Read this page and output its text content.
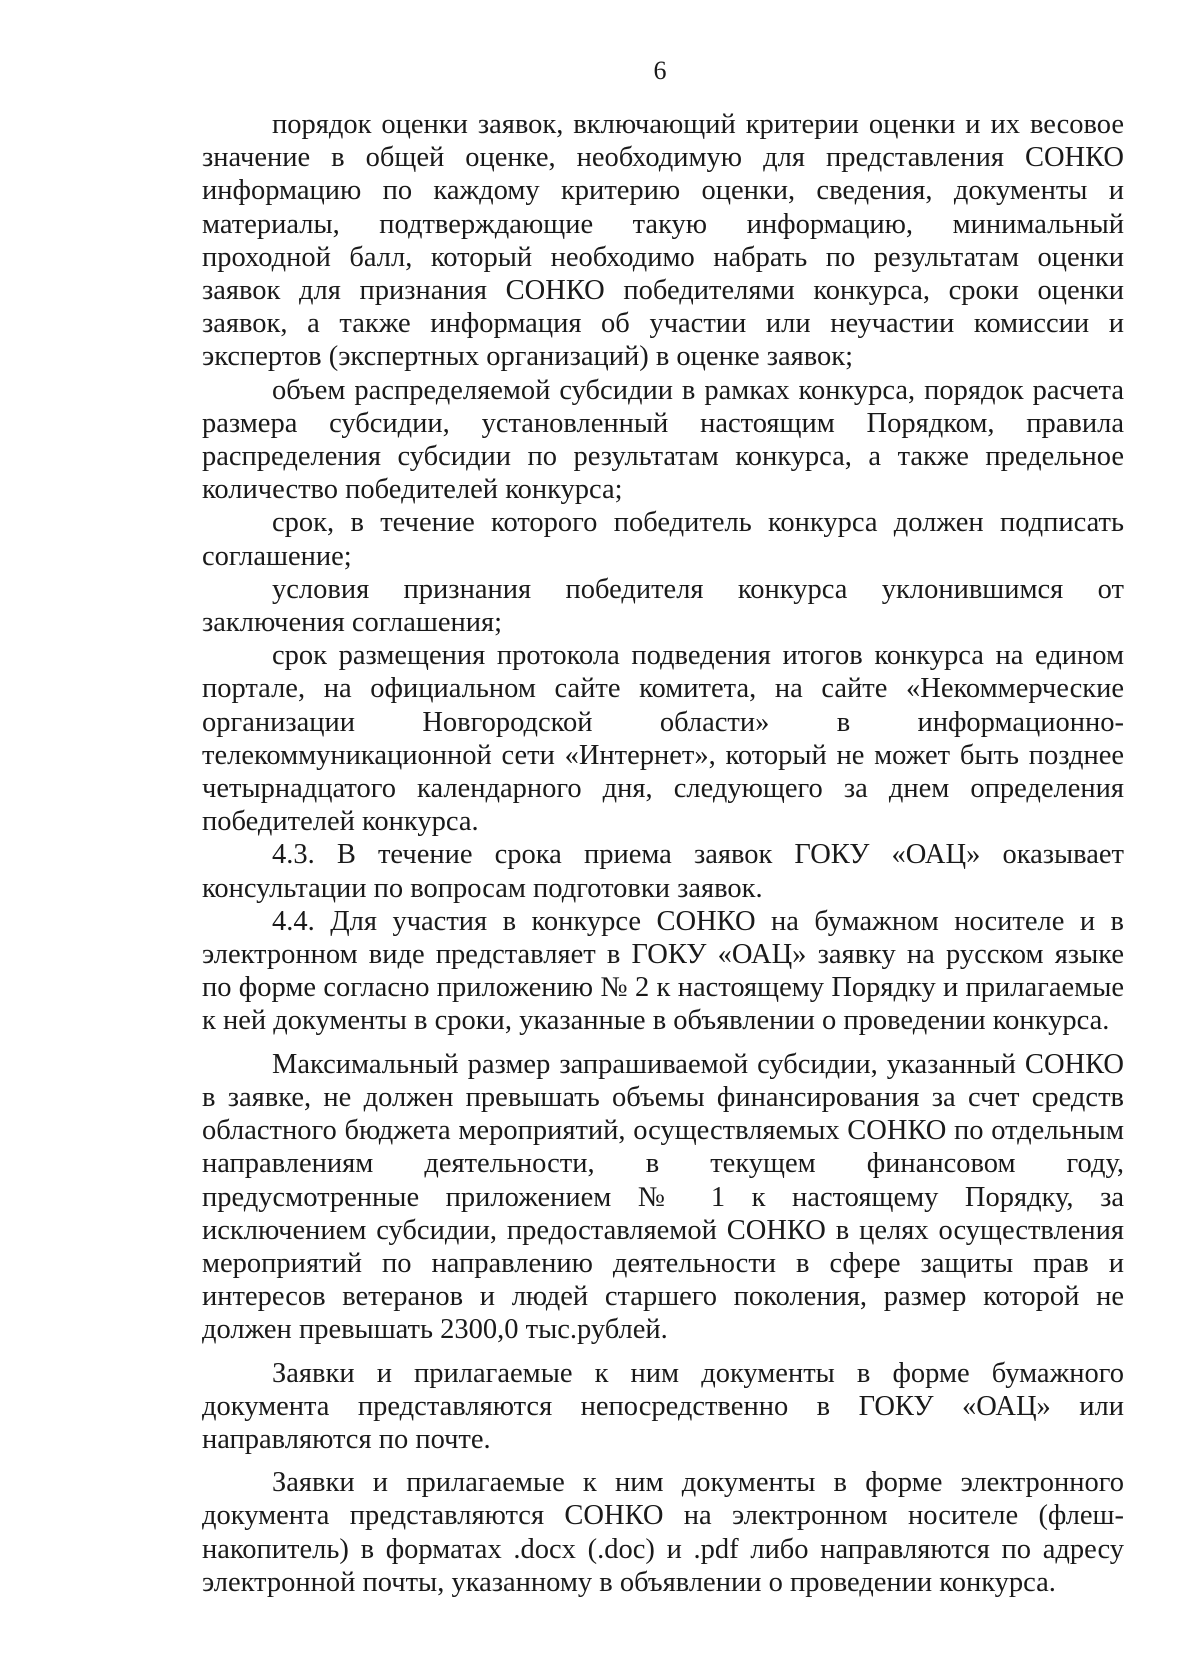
6

порядок оценки заявок, включающий критерии оценки и их весовое значение в общей оценке, необходимую для представления СОНКО информацию по каждому критерию оценки, сведения, документы и материалы, подтверждающие такую информацию, минимальный проходной балл, который необходимо набрать по результатам оценки заявок для признания СОНКО победителями конкурса, сроки оценки заявок, а также информация об участии или неучастии комиссии и экспертов (экспертных организаций) в оценке заявок;

объем распределяемой субсидии в рамках конкурса, порядок расчета размера субсидии, установленный настоящим Порядком, правила распределения субсидии по результатам конкурса, а также предельное количество победителей конкурса;

срок, в течение которого победитель конкурса должен подписать соглашение;

условия признания победителя конкурса уклонившимся от заключения соглашения;

срок размещения протокола подведения итогов конкурса на едином портале, на официальном сайте комитета, на сайте «Некоммерческие организации Новгородской области» в информационно-телекоммуникационной сети «Интернет», который не может быть позднее четырнадцатого календарного дня, следующего за днем определения победителей конкурса.

4.3. В течение срока приема заявок ГОКУ «ОАЦ» оказывает консультации по вопросам подготовки заявок.

4.4. Для участия в конкурсе СОНКО на бумажном носителе и в электронном виде представляет в ГОКУ «ОАЦ» заявку на русском языке по форме согласно приложению № 2 к настоящему Порядку и прилагаемые к ней документы в сроки, указанные в объявлении о проведении конкурса.

Максимальный размер запрашиваемой субсидии, указанный СОНКО в заявке, не должен превышать объемы финансирования за счет средств областного бюджета мероприятий, осуществляемых СОНКО по отдельным направлениям деятельности, в текущем финансовом году, предусмотренные приложением № 1 к настоящему Порядку, за исключением субсидии, предоставляемой СОНКО в целях осуществления мероприятий по направлению деятельности в сфере защиты прав и интересов ветеранов и людей старшего поколения, размер которой не должен превышать 2300,0 тыс.рублей.

Заявки и прилагаемые к ним документы в форме бумажного документа представляются непосредственно в ГОКУ «ОАЦ» или направляются по почте.

Заявки и прилагаемые к ним документы в форме электронного документа представляются СОНКО на электронном носителе (флеш-накопитель) в форматах .docx (.doc) и .pdf либо направляются по адресу электронной почты, указанному в объявлении о проведении конкурса.
